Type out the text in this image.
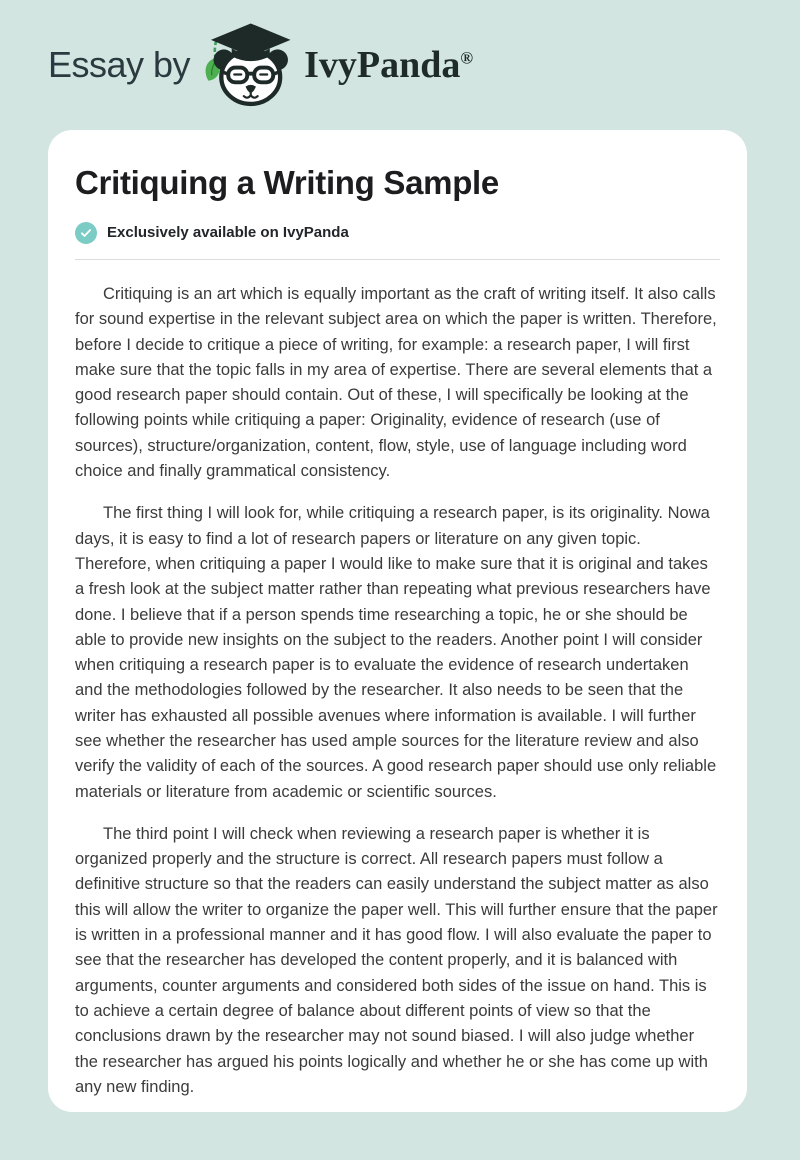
Essay by	IvyPanda®
Critiquing a Writing Sample
Exclusively available on IvyPanda

Critiquing is an art which is equally important as the craft of writing itself. It also calls for sound expertise in the relevant subject area on which the paper is written. Therefore, before I decide to critique a piece of writing, for example: a research paper, I will first make sure that the topic falls in my area of expertise. There are several elements that a good research paper should contain. Out of these, I will specifically be looking at the following points while critiquing a paper: Originality, evidence of research (use of sources), structure/organization, content, flow, style, use of language including word choice and finally grammatical consistency.

The first thing I will look for, while critiquing a research paper, is its originality. Nowa days, it is easy to find a lot of research papers or literature on any given topic. Therefore, when critiquing a paper I would like to make sure that it is original and takes a fresh look at the subject matter rather than repeating what previous researchers have done. I believe that if a person spends time researching a topic, he or she should be able to provide new insights on the subject to the readers. Another point I will consider when critiquing a research paper is to evaluate the evidence of research undertaken and the methodologies followed by the researcher. It also needs to be seen that the writer has exhausted all possible avenues where information is available. I will further see whether the researcher has used ample sources for the literature review and also verify the validity of each of the sources. A good research paper should use only reliable materials or literature from academic or scientific sources.

The third point I will check when reviewing a research paper is whether it is organized properly and the structure is correct. All research papers must follow a definitive structure so that the readers can easily understand the subject matter as also this will allow the writer to organize the paper well. This will further ensure that the paper is written in a professional manner and it has good flow. I will also evaluate the paper to see that the researcher has developed the content properly, and it is balanced with arguments, counter arguments and considered both sides of the issue on hand. This is to achieve a certain degree of balance about different points of view so that the conclusions drawn by the researcher may not sound biased. I will also judge whether the researcher has argued his points logically and whether he or she has come up with any new finding.
